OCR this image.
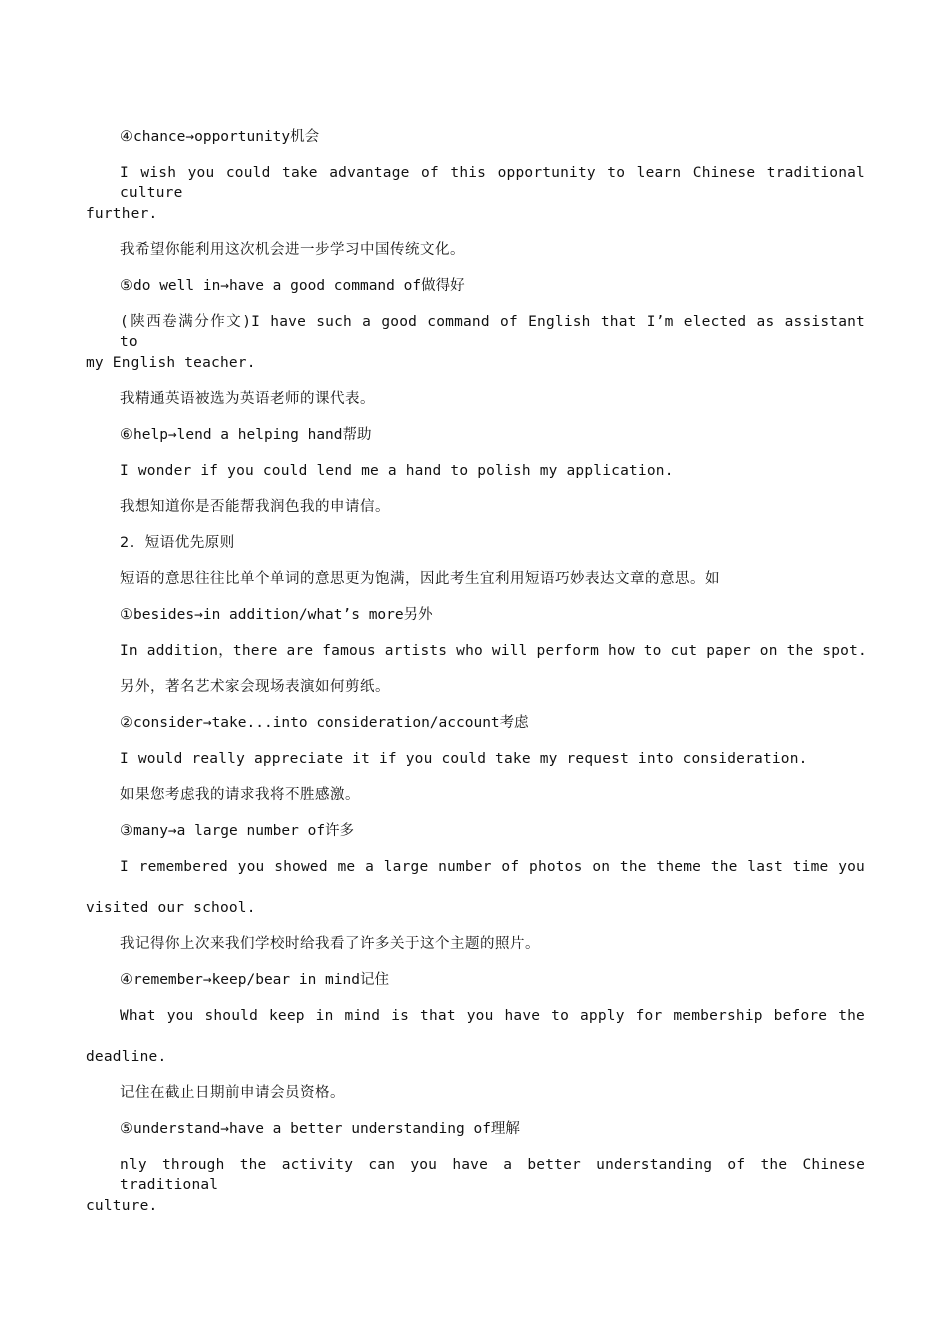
④chance→opportunity机会
I wish you could take advantage of this opportunity to learn Chinese traditional culture
further.
我希望你能利用这次机会进一步学习中国传统文化。
⑤do well in→have a good command of做得好
(陕西卷满分作文)I have such a good command of English that I’m elected as assistant to
my English teacher.
我精通英语被选为英语老师的课代表。
⑥help→lend a helping hand帮助
I wonder if you could lend me a hand to polish my application.
我想知道你是否能帮我润色我的申请信。
2．短语优先原则
短语的意思往往比单个单词的意思更为饱满，因此考生宜利用短语巧妙表达文章的意思。如
①besides→in addition/what’s more另外
In addition，there are famous artists who will perform how to cut paper on the spot.
另外，著名艺术家会现场表演如何剪纸。
②consider→take...into consideration/account考虑
I would really appreciate it if you could take my request into consideration.
如果您考虑我的请求我将不胜感激。
③many→a large number of许多
I remembered you showed me a large number of photos on the theme the last time you
visited our school.
我记得你上次来我们学校时给我看了许多关于这个主题的照片。
④remember→keep/bear in mind记住
What you should keep in mind is that you have to apply for membership before the
deadline.
记住在截止日期前申请会员资格。
⑤understand→have a better understanding of理解
nly through the activity can you have a better understanding of the Chinese traditional
culture.
